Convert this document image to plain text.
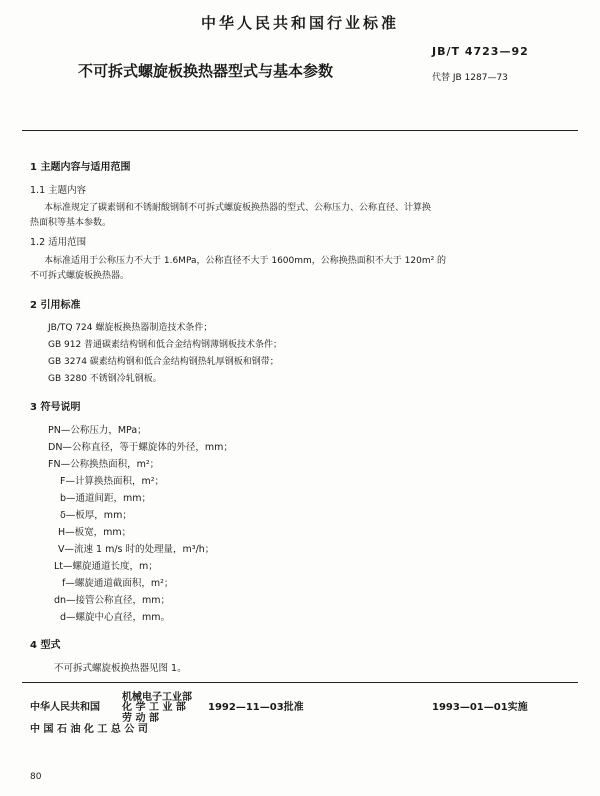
中华人民共和国行业标准
不可拆式螺旋板换热器型式与基本参数
JB/T 4723—92
代替 JB 1287—73
1 主题内容与适用范围
1.1 主题内容
本标准规定了碳素钢和不锈耐酸钢制不可拆式螺旋板换热器的型式、公称压力、公称直径、计算换
热面积等基本参数。
1.2 适用范围
本标准适用于公称压力不大于 1.6MPa，公称直径不大于 1600mm，公称换热面积不大于 120m² 的
不可拆式螺旋板换热器。
2 引用标准
JB/TQ 724 螺旋板换热器制造技术条件；
GB 912 普通碳素结构钢和低合金结构钢薄钢板技术条件；
GB 3274 碳素结构钢和低合金结构钢热轧厚钢板和钢带；
GB 3280 不锈钢冷轧钢板。
3 符号说明
PN—公称压力，MPa；
DN—公称直径，等于螺旋体的外径，mm；
FN—公称换热面积，m²；
F—计算换热面积，m²；
b—通道间距，mm；
δ—板厚，mm；
H—板宽，mm；
V—流速 1 m/s 时的处理量，m³/h；
Lt—螺旋通道长度，m；
f—螺旋通道截面积，m²；
dn—接管公称直径，mm；
d—螺旋中心直径，mm。
4 型式
不可拆式螺旋板换热器见图 1。
机械电子工业部
中华人民共和国 化 学 工 业 部 1992—11—03批准	1993—01—01实施
劳 动 部
中 国 石 油 化 工 总 公 司
80
